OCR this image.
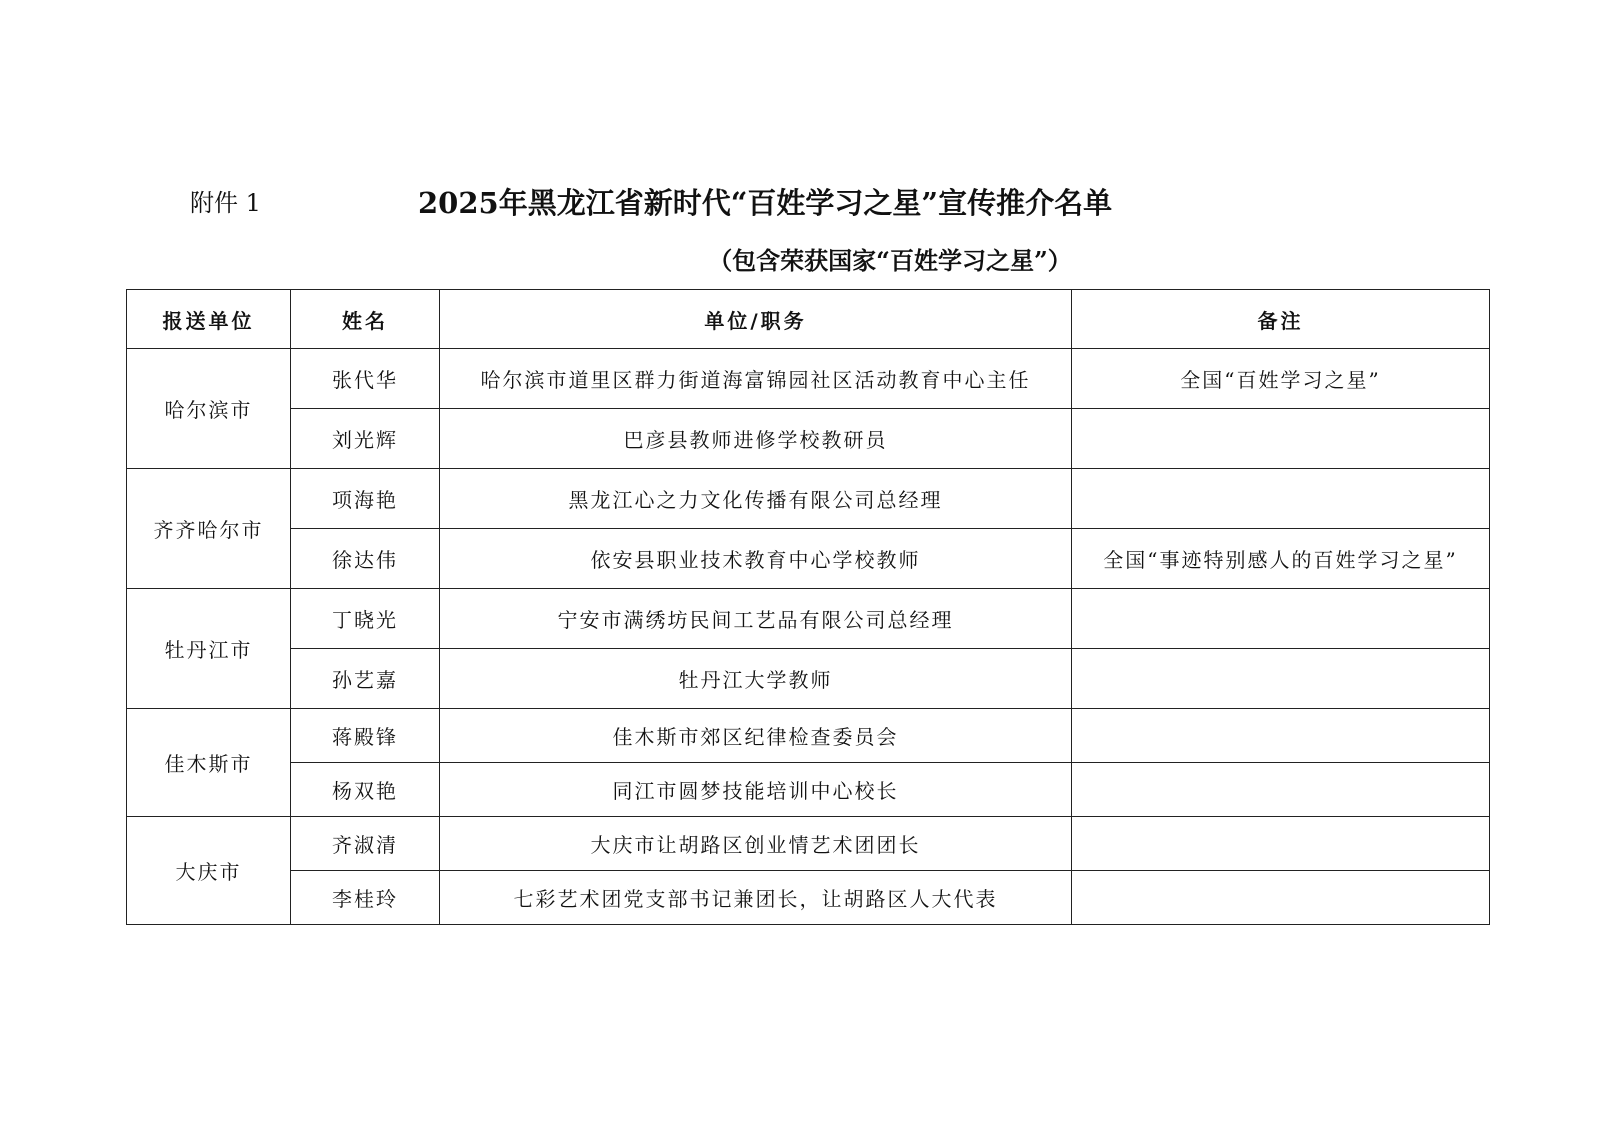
附件 1	2025年黑龙江省新时代“百姓学习之星”宣传推介名单
（包含荣获国家“百姓学习之星”）
报送单位	姓名	单位/职务	备注
哈尔滨市	张代华	哈尔滨市道里区群力街道海富锦园社区活动教育中心主任	全国“百姓学习之星”
	刘光辉	巴彦县教师进修学校教研员	
齐齐哈尔市	项海艳	黑龙江心之力文化传播有限公司总经理	
	徐达伟	依安县职业技术教育中心学校教师	全国“事迹特别感人的百姓学习之星”
牡丹江市	丁晓光	宁安市满绣坊民间工艺品有限公司总经理	
	孙艺嘉	牡丹江大学教师	
佳木斯市	蒋殿锋	佳木斯市郊区纪律检查委员会	
	杨双艳	同江市圆梦技能培训中心校长	
大庆市	齐淑清	大庆市让胡路区创业情艺术团团长	
	李桂玲	七彩艺术团党支部书记兼团长，让胡路区人大代表	
